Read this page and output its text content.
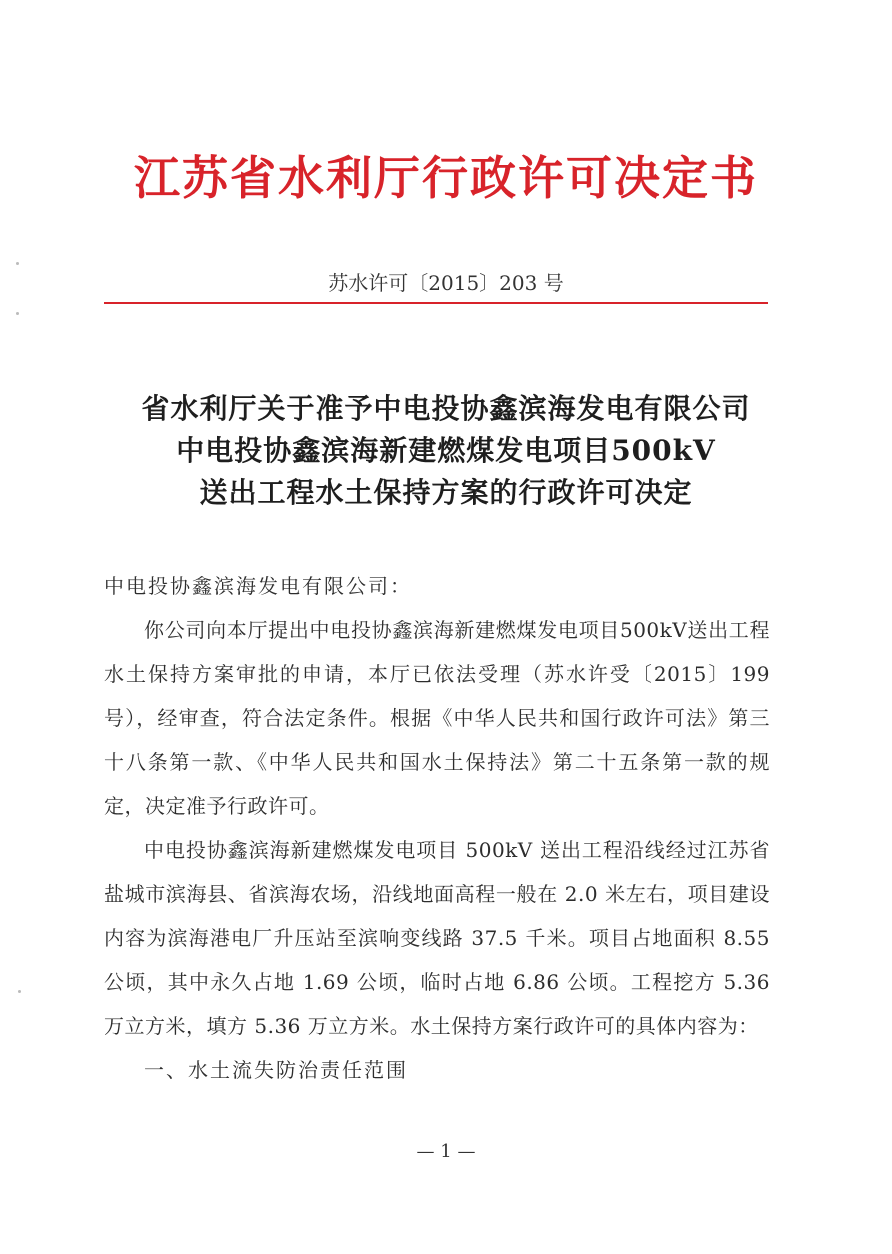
江苏省水利厅行政许可决定书
苏水许可〔2015〕203 号
省水利厅关于准予中电投协鑫滨海发电有限公司
中电投协鑫滨海新建燃煤发电项目500kV
送出工程水土保持方案的行政许可决定
中电投协鑫滨海发电有限公司：
你公司向本厅提出中电投协鑫滨海新建燃煤发电项目500kV送出工程水土保持方案审批的申请，本厅已依法受理（苏水许受〔2015〕199号），经审查，符合法定条件。根据《中华人民共和国行政许可法》第三十八条第一款、《中华人民共和国水土保持法》第二十五条第一款的规定，决定准予行政许可。
中电投协鑫滨海新建燃煤发电项目 500kV 送出工程沿线经过江苏省盐城市滨海县、省滨海农场，沿线地面高程一般在 2.0 米左右，项目建设内容为滨海港电厂升压站至滨响变线路 37.5 千米。项目占地面积 8.55 公顷，其中永久占地 1.69 公顷，临时占地 6.86 公顷。工程挖方 5.36 万立方米，填方 5.36 万立方米。水土保持方案行政许可的具体内容为：
一、水土流失防治责任范围
— 1 —
